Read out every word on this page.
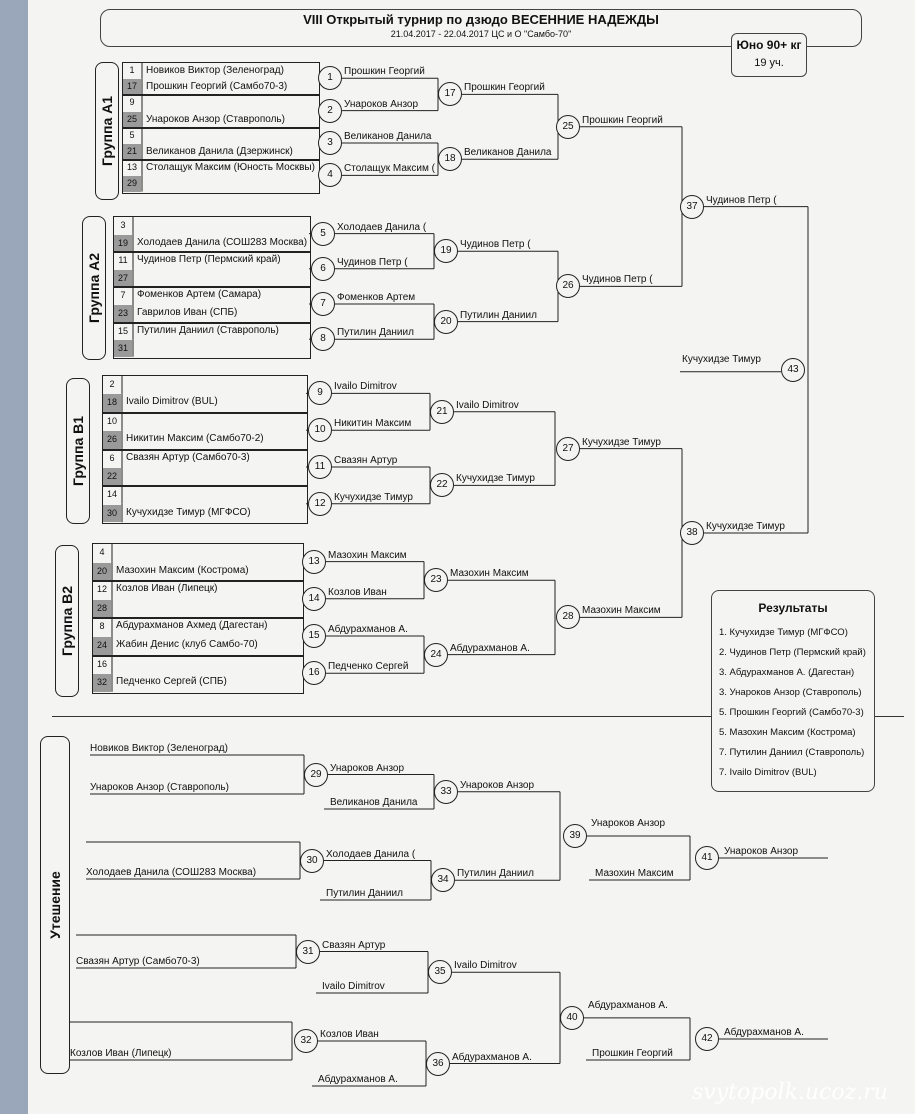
VIII Открытый турнир по дзюдо ВЕСЕННИЕ НАДЕЖДЫ
21.04.2017 - 22.04.2017 ЦС и О "Самбо-70"
Юно 90+ кг
19 уч.
Группа А1
1	Новиков Виктор (Зеленоград)
17 Прошкин Георгий (Самбо70-3)
9
25 Унароков Анзор (Ставрополь)
5
21 Великанов Данила (Дзержинск)
13 Столащук Максим (Юность Москвы)
29
1
Прошкин Георгий
2
Унароков Анзор
3
Великанов Данила
4
Столащук Максим (
17
Прошкин Георгий
18
Великанов Данила
25
Прошкин Георгий
Группа А2
3
19 Холодаев Данила (СОШ283 Москва)
11 Чудинов Петр (Пермский край)
27
7	Фоменков Артем (Самара)
23 Гаврилов Иван (СПБ)
15 Путилин Даниил (Ставрополь)
31
5
Холодаев Данила (
6
Чудинов Петр (
7
Фоменков Артем
8
Путилин Даниил
19
Чудинов Петр (
20
Путилин Даниил
26
Чудинов Петр (
Группа В1
2
18 Ivailo Dimitrov (BUL)
10
26 Никитин Максим (Самбо70-2)
6	Свазян Артур (Самбо70-3)
22
14
30 Кучухидзе Тимур (МГФСО)
9
Ivailo Dimitrov
10
Никитин Максим
11
Свазян Артур
12
Кучухидзе Тимур
21
Ivailo Dimitrov
22
Кучухидзе Тимур
27
Кучухидзе Тимур
Группа В2
4
20 Мазохин Максим (Кострома)
12 Козлов Иван (Липецк)
28
8	Абдурахманов Ахмед (Дагестан)
24 Жабин Денис (клуб Самбо-70)
16
32 Педченко Сергей (СПБ)
13
Мазохин Максим
14
Козлов Иван
15
Абдурахманов А.
16
Педченко Сергей
23
Мазохин Максим
24
Абдурахманов А.
28
Мазохин Максим
37
Чудинов Петр (
38
Кучухидзе Тимур
43
Кучухидзе Тимур
Утешение
Новиков Виктор (Зеленоград)
Унароков Анзор (Ставрополь)
29
Унароков Анзор
Великанов Данила
33
Унароков Анзор
Холодаев Данила (СОШ283 Москва)
30
Холодаев Данила (
Путилин Даниил
34
Путилин Даниил
Свазян Артур (Самбо70-3)
31
Свазян Артур
Ivailo Dimitrov
35
Ivailo Dimitrov
Козлов Иван (Липецк)
32
Козлов Иван
Абдурахманов А.
36
Абдурахманов А.
39
Унароков Анзор
Мазохин Максим
41
Унароков Анзор
40
Абдурахманов А.
Прошкин Георгий
42
Абдурахманов А.
Результаты
1. Кучухидзе Тимур (МГФСО)
2. Чудинов Петр (Пермский край)
3. Абдурахманов А. (Дагестан)
3. Унароков Анзор (Ставрополь)
5. Прошкин Георгий (Самбо70-3)
5. Мазохин Максим (Кострома)
7. Путилин Даниил (Ставрополь)
7. Ivailo Dimitrov (BUL)
svytopolk.ucoz.ru
